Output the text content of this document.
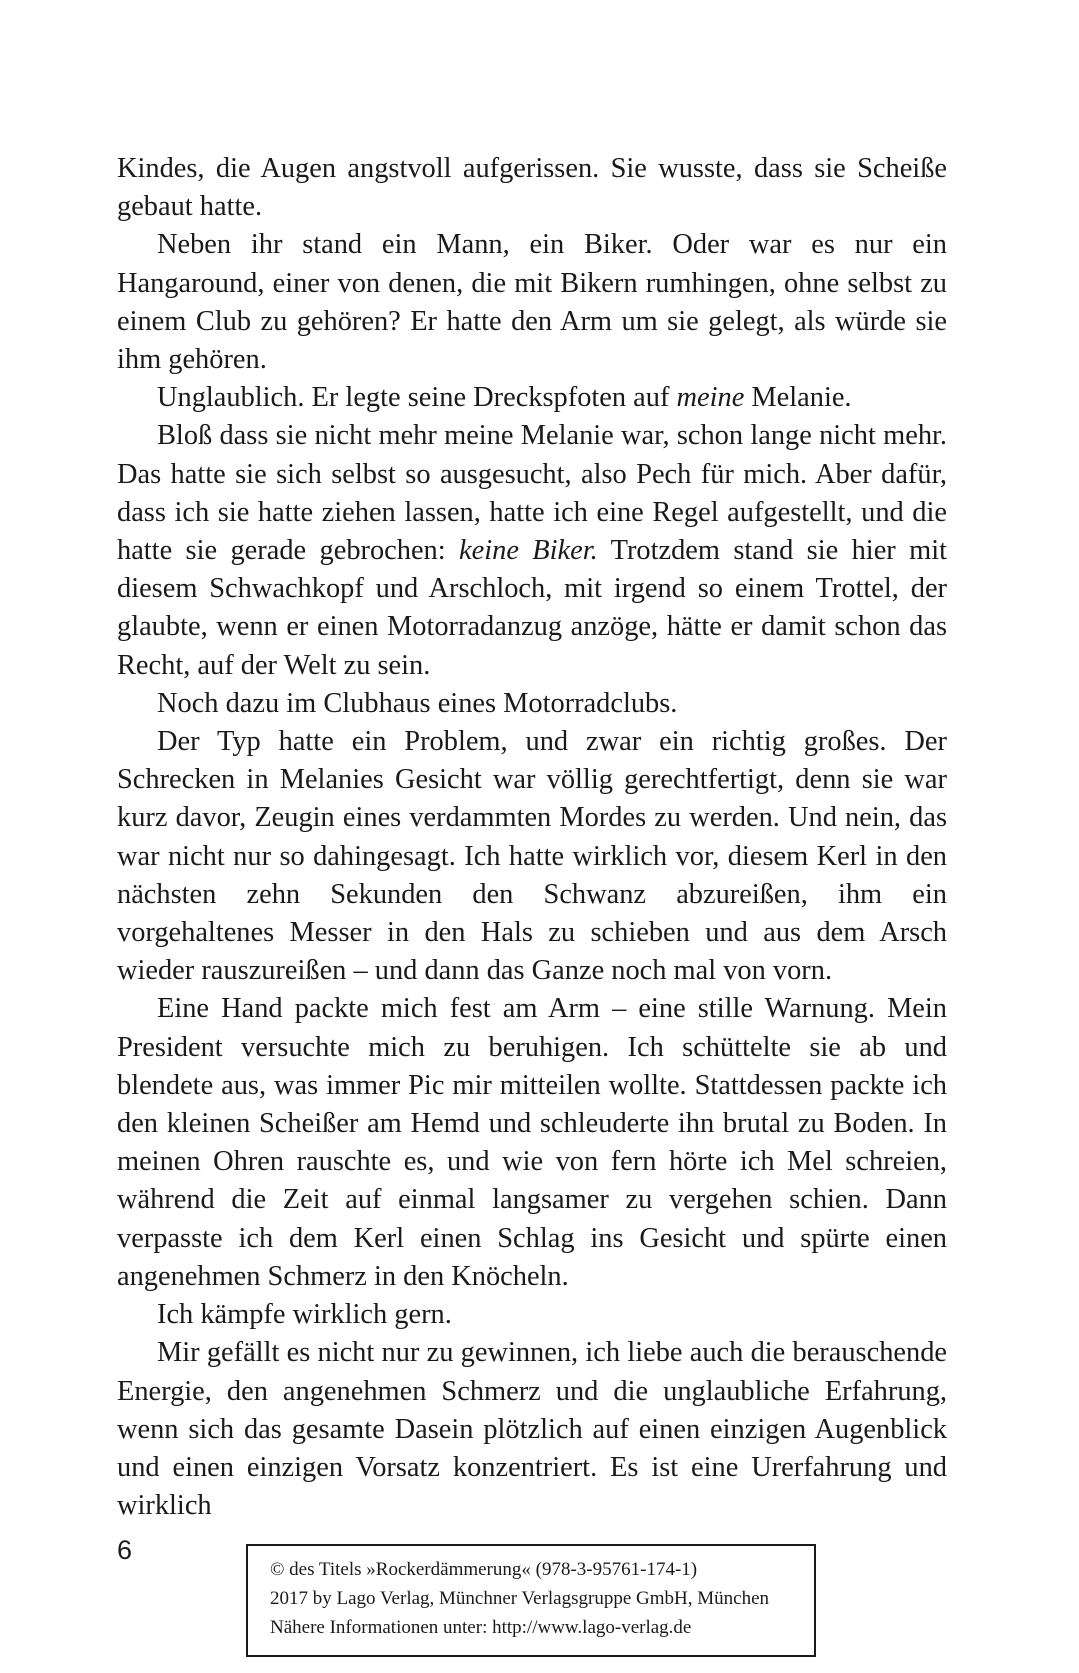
Kindes, die Augen angstvoll aufgerissen. Sie wusste, dass sie Scheiße gebaut hatte.

Neben ihr stand ein Mann, ein Biker. Oder war es nur ein Hangaround, einer von denen, die mit Bikern rumhingen, ohne selbst zu einem Club zu gehören? Er hatte den Arm um sie gelegt, als würde sie ihm gehören.

Unglaublich. Er legte seine Dreckspfoten auf meine Melanie.

Bloß dass sie nicht mehr meine Melanie war, schon lange nicht mehr. Das hatte sie sich selbst so ausgesucht, also Pech für mich. Aber dafür, dass ich sie hatte ziehen lassen, hatte ich eine Regel aufgestellt, und die hatte sie gerade gebrochen: keine Biker. Trotzdem stand sie hier mit diesem Schwachkopf und Arschloch, mit irgend so einem Trottel, der glaubte, wenn er einen Motorradanzug anzöge, hätte er damit schon das Recht, auf der Welt zu sein.

Noch dazu im Clubhaus eines Motorradclubs.

Der Typ hatte ein Problem, und zwar ein richtig großes. Der Schrecken in Melanies Gesicht war völlig gerechtfertigt, denn sie war kurz davor, Zeugin eines verdammten Mordes zu werden. Und nein, das war nicht nur so dahingesagt. Ich hatte wirklich vor, diesem Kerl in den nächsten zehn Sekunden den Schwanz abzureißen, ihm ein vorgehaltenes Messer in den Hals zu schieben und aus dem Arsch wieder rauszureißen – und dann das Ganze noch mal von vorn.

Eine Hand packte mich fest am Arm – eine stille Warnung. Mein President versuchte mich zu beruhigen. Ich schüttelte sie ab und blendete aus, was immer Pic mir mitteilen wollte. Stattdessen packte ich den kleinen Scheißer am Hemd und schleuderte ihn brutal zu Boden. In meinen Ohren rauschte es, und wie von fern hörte ich Mel schreien, während die Zeit auf einmal langsamer zu vergehen schien. Dann verpasste ich dem Kerl einen Schlag ins Gesicht und spürte einen angenehmen Schmerz in den Knöcheln.

Ich kämpfe wirklich gern.

Mir gefällt es nicht nur zu gewinnen, ich liebe auch die berauschende Energie, den angenehmen Schmerz und die unglaubliche Erfahrung, wenn sich das gesamte Dasein plötzlich auf einen einzigen Augenblick und einen einzigen Vorsatz konzentriert. Es ist eine Urerfahrung und wirklich

6
© des Titels »Rockerdämmerung« (978-3-95761-174-1)
2017 by Lago Verlag, Münchner Verlagsgruppe GmbH, München
Nähere Informationen unter: http://www.lago-verlag.de
